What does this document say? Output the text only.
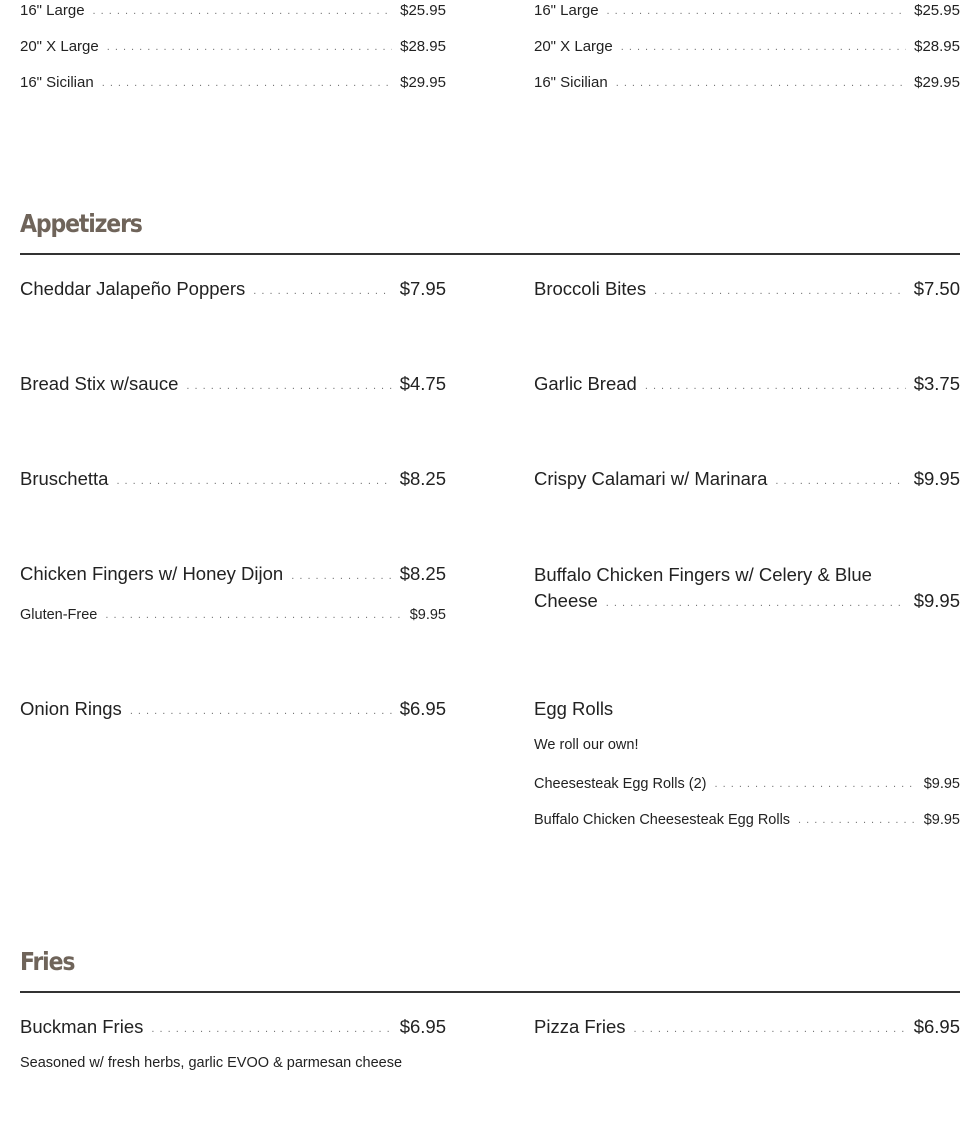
16" Large . . .	$25.95
20" X Large . . .	$28.95
16" Sicilian . . .	$29.95
16" Large . . .	$25.95
20" X Large . . .	$28.95
16" Sicilian . . .	$29.95
Appetizers
Cheddar Jalapeño Poppers . . .	$7.95	Broccoli Bites . . .	$7.50
Bread Stix w/sauce . . .	$4.75	Garlic Bread . . .	$3.75
Bruschetta . . .	$8.25	Crispy Calamari w/ Marinara . . .	$9.95
Chicken Fingers w/ Honey Dijon . . .	$8.25
Gluten-Free . . .	$9.95
Buffalo Chicken Fingers w/ Celery & Blue
Cheese . . .	$9.95
Onion Rings . . .	$6.95	Egg Rolls
We roll our own!
Cheesesteak Egg Rolls (2) . . .	$9.95
Buffalo Chicken Cheesesteak Egg Rolls . . .	$9.95
Fries
Buckman Fries . . .	$6.95
Seasoned w/ fresh herbs, garlic EVOO & parmesan cheese
Pizza Fries . . .	$6.95
